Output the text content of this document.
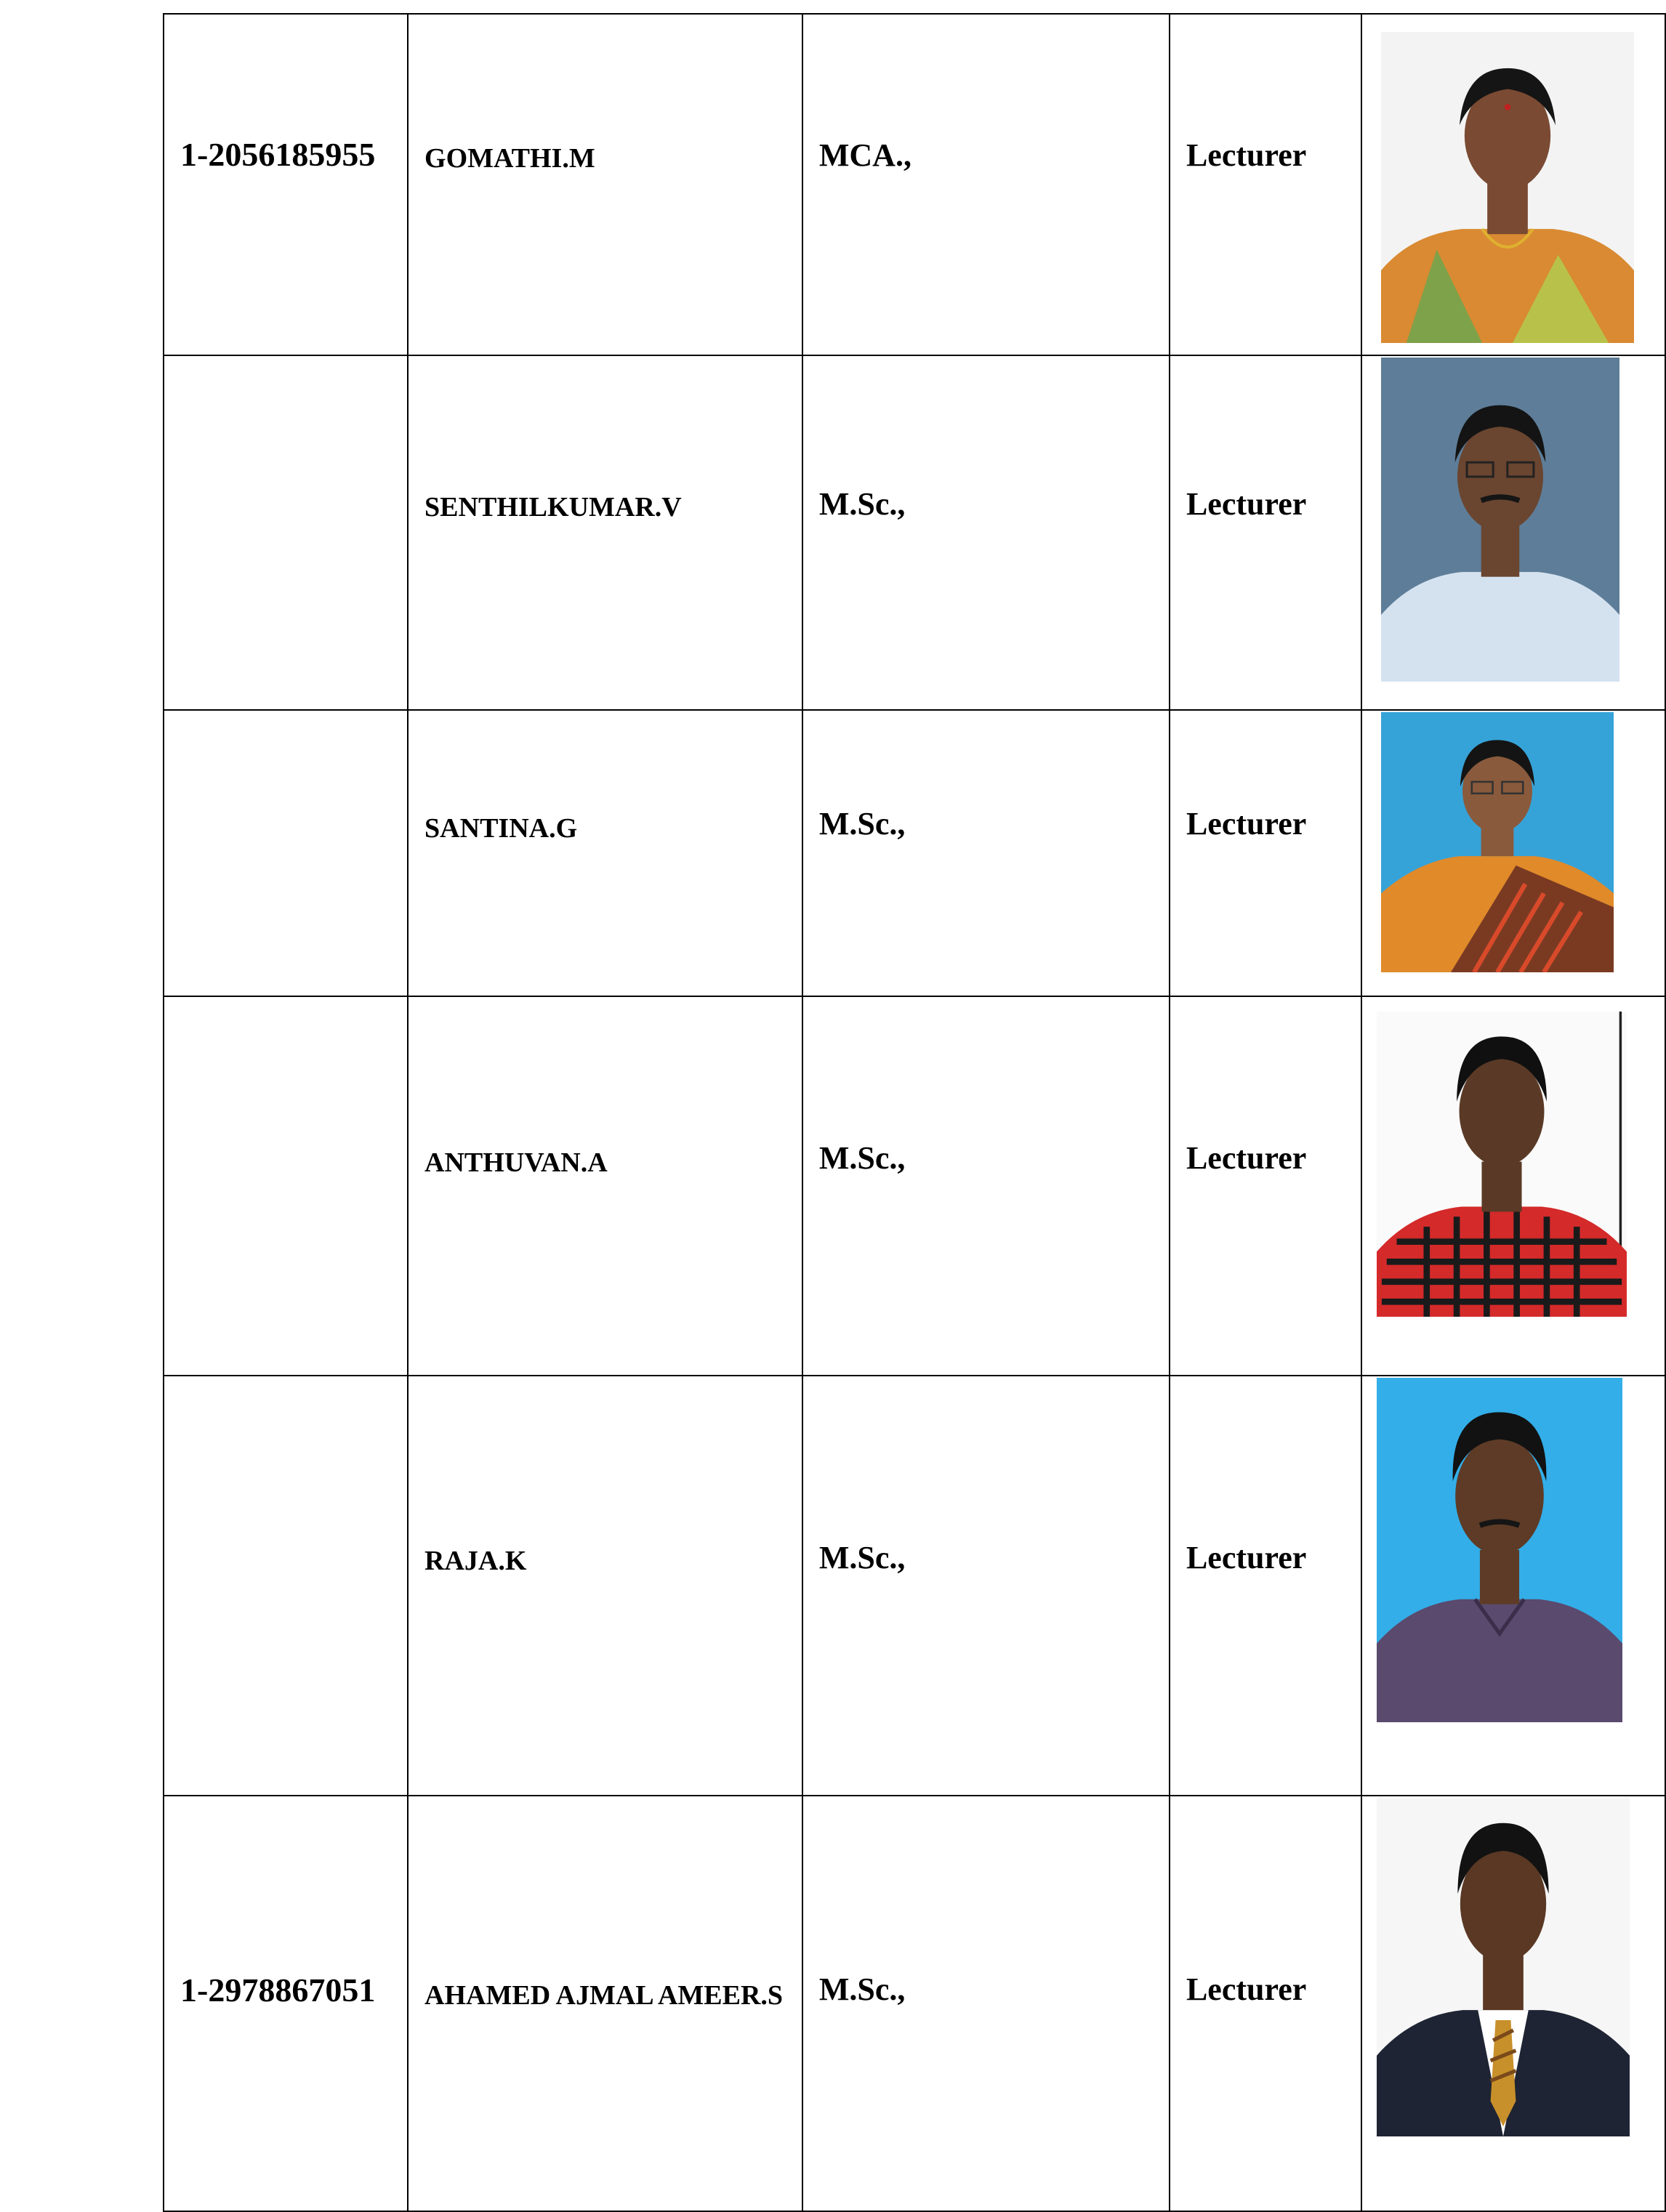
1-2056185955	GOMATHI.M	MCA.,	Lecturer

	SENTHILKUMAR.V	M.Sc.,	Lecturer

	SANTINA.G	M.Sc.,	Lecturer

	ANTHUVAN.A	M.Sc.,	Lecturer

	RAJA.K	M.Sc.,	Lecturer

1-2978867051	AHAMED AJMAL AMEER.S	M.Sc.,	Lecturer
